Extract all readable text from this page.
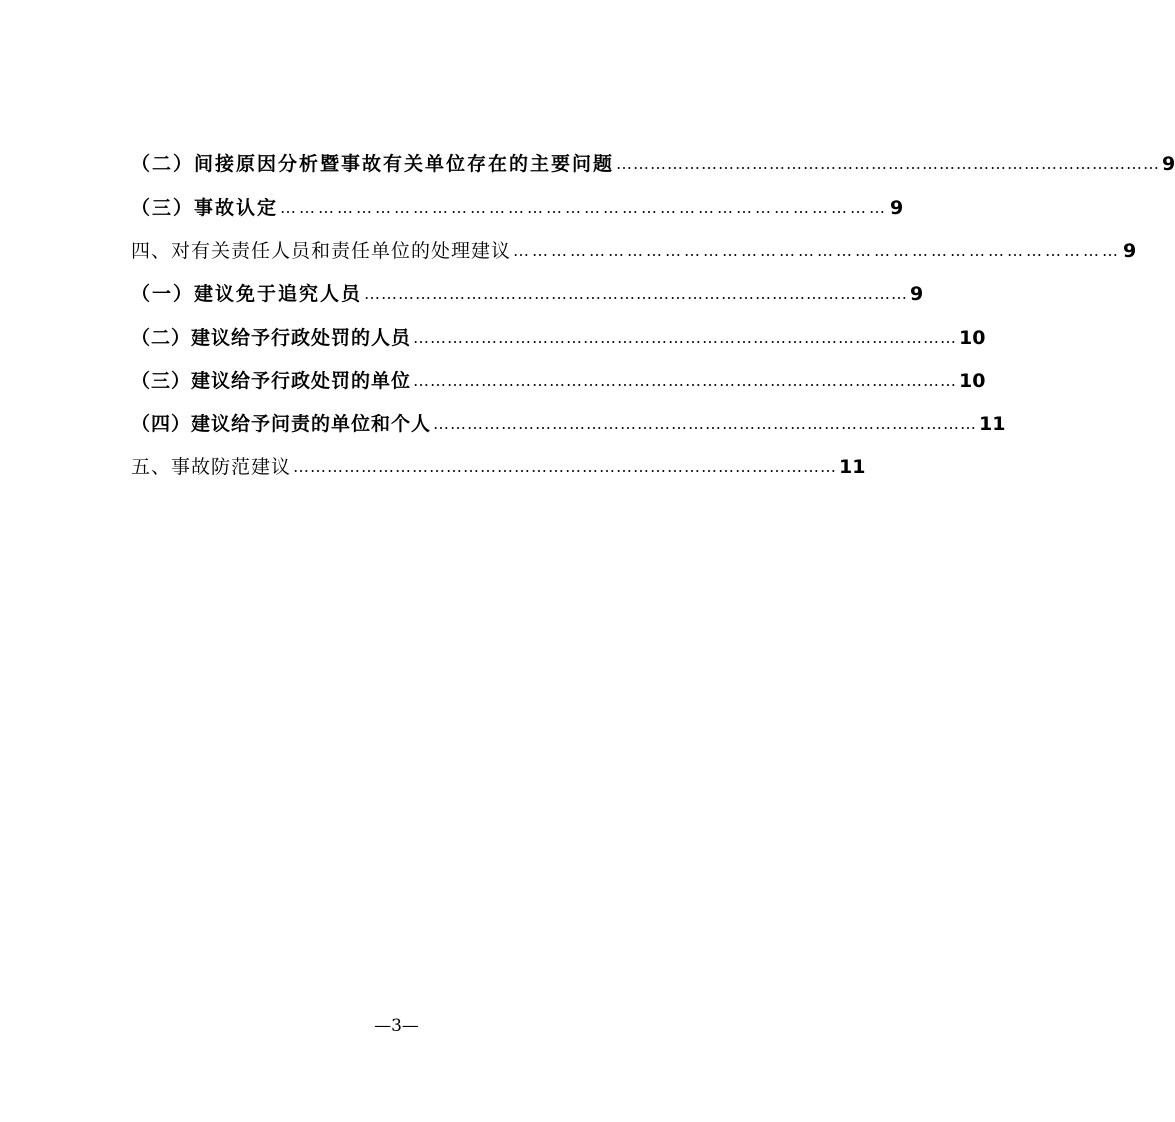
（二）间接原因分析暨事故有关单位存在的主要问题 …………………………………………………………………………………… 9
（三）事故认定 …………………………………………………………………………………… 9
四、对有关责任人员和责任单位的处理建议 …………………………………………………………………………………… 9
（一）建议免于追究人员 …………………………………………………………………………………… 9
（二）建议给予行政处罚的人员 …………………………………………………………………………………… 10
（三）建议给予行政处罚的单位 …………………………………………………………………………………… 10
（四）建议给予问责的单位和个人 …………………………………………………………………………………… 11
五、事故防范建议 …………………………………………………………………………………… 11
—3—
